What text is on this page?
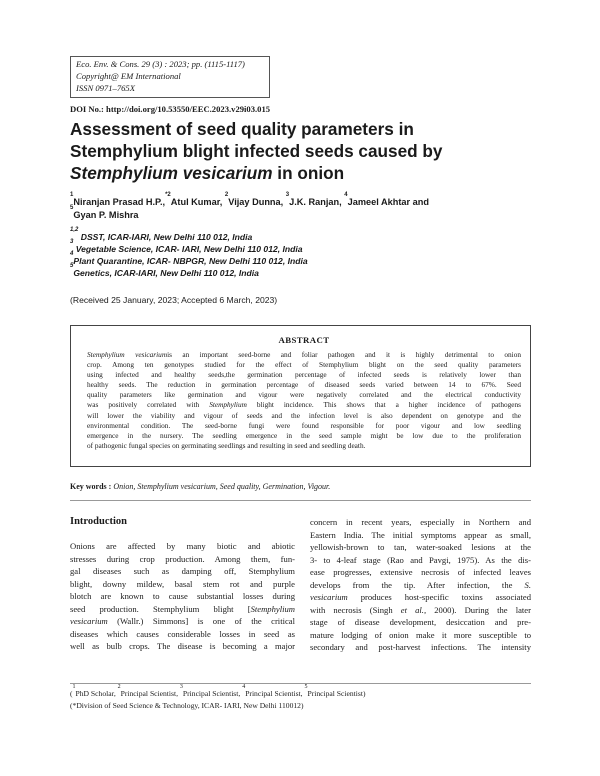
Eco. Env. & Cons. 29 (3) : 2023; pp. (1115-1117)
Copyright@ EM International
ISSN 0971–765X
DOI No.: http://doi.org/10.53550/EEC.2023.v29i03.015
Assessment of seed quality parameters in
Stemphylium blight infected seeds caused by
Stemphylium vesicarium in onion
$^1$Niranjan Prasad H.P.,$^{*2}$Atul Kumar, $^2$Vijay Dunna, $^3$J.K. Ranjan, $^4$Jameel Akhtar and
$^5$Gyan P. Mishra
$^{1,2}$ DSST, ICAR-IARI, New Delhi 110 012, India
$^3$ Vegetable Science, ICAR- IARI, New Delhi 110 012, India
$^4$Plant Quarantine, ICAR- NBPGR, New Delhi 110 012, India
$^5$Genetics, ICAR-IARI, New Delhi 110 012, India
(Received 25 January, 2023; Accepted 6 March, 2023)
ABSTRACT
Stemphylium vesicariumis an important seed-borne and foliar pathogen and it is highly detrimental to onion
crop. Among ten genotypes studied for the effect of Stemphylium blight on the seed quality parameters
using infected and healthy seeds,the germination percentage of infected seeds is relatively lower than
healthy seeds. The reduction in germination percentage of diseased seeds varied between 14 to 67%. Seed
quality parameters like germination and vigour were negatively correlated and the electrical conductivity
was positively correlated with Stemphylium blight incidence. This shows that a higher incidence of pathogens
will lower the viability and vigour of seeds and the infection level is also dependent on genotype and the
environmental condition. The seed-borne fungi were found responsible for poor vigour and low seedling
emergence in the nursery. The seedling emergence in the seed sample might be low due to the proliferation
of pathogenic fungal species on germinating seedlings and resulting in seed and seedling death.
Key words : Onion, Stemphylium vesicarium, Seed quality, Germination, Vigour.
Introduction
Onions are affected by many biotic and abiotic
stresses during crop production. Among them, fun-
gal diseases such as damping off, Stemphylium
blight, downy mildew, basal stem rot and purple
blotch are known to cause substantial losses during
seed production. Stemphylium blight [Stemphylium
vesicarium (Wallr.) Simmons] is one of the critical
diseases which causes considerable losses in seed as
well as bulb crops. The disease is becoming a major
concern in recent years, especially in Northern and
Eastern India. The initial symptoms appear as small,
yellowish-brown to tan, water-soaked lesions at the
3- to 4-leaf stage (Rao and Pavgi, 1975). As the dis-
ease progresses, extensive necrosis of infected leaves
develops from the tip. After infection, the S.
vesicarium produces host-specific toxins associated
with necrosis (Singh et al., 2000). During the later
stage of disease development, desiccation and pre-
mature lodging of onion make it more susceptible to
secondary and post-harvest infections. The intensity
($^1$PhD Scholar, $^2$Principal Scientist, $^3$Principal Scientist, $^4$Principal Scientist, $^5$Principal Scientist)
(*Division of Seed Science & Technology, ICAR- IARI, New Delhi 110012)
